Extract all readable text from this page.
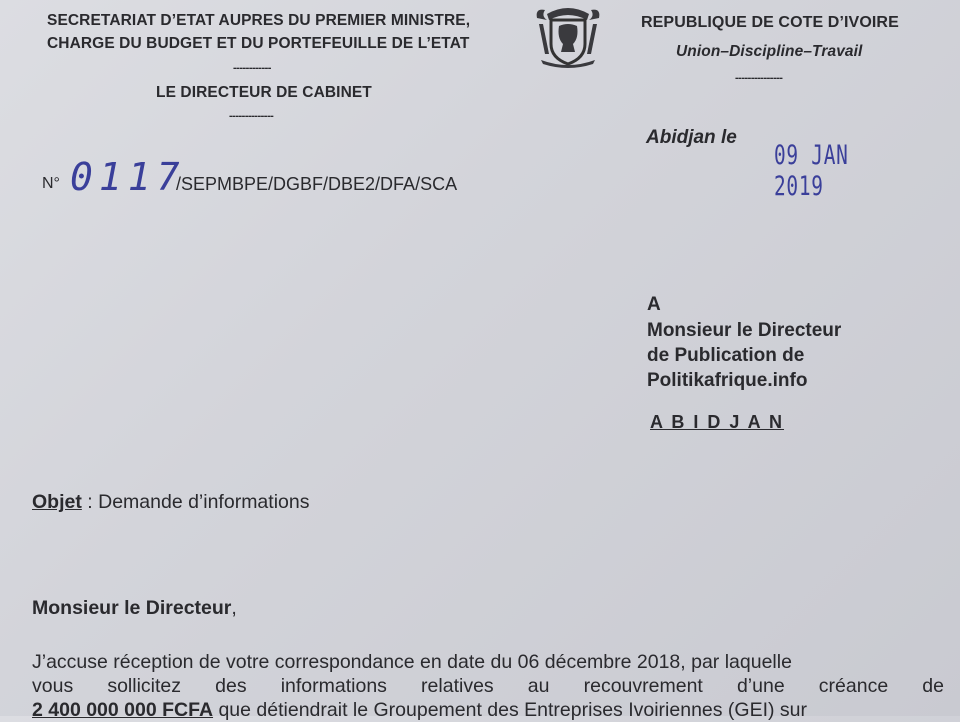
SECRETARIAT D’ETAT AUPRES DU PREMIER MINISTRE,
CHARGE DU BUDGET ET DU PORTEFEUILLE DE L’ETAT
------------
LE DIRECTEUR DE CABINET
--------------
REPUBLIQUE DE COTE D’IVOIRE
Union–Discipline–Travail
---------------
Abidjan le
09 JAN 2019
N° 0117
/SEPMBPE/DGBF/DBE2/DFA/SCA
A
Monsieur le Directeur
de Publication de
Politikafrique.info
A B I D J A N
Objet : Demande d’informations
Monsieur le Directeur,
J’accuse réception de votre correspondance en date du 06 décembre 2018, par laquelle
vous sollicitez des informations relatives au recouvrement d’une créance de
2 400 000 000 FCFA que détiendrait le Groupement des Entreprises Ivoiriennes (GEI) sur
